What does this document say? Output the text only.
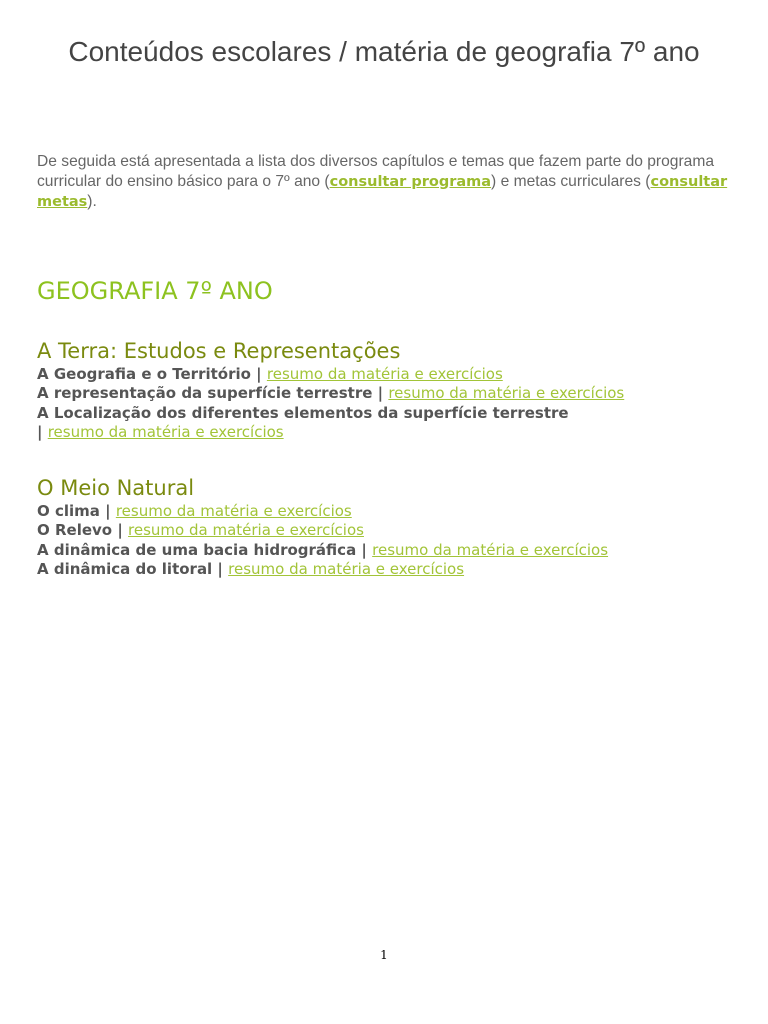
Conteúdos escolares / matéria de geografia 7º ano

De seguida está apresentada a lista dos diversos capítulos e temas que fazem parte do programa curricular do ensino básico para o 7º ano (consultar programa) e metas curriculares (consultar metas).

GEOGRAFIA 7º ANO
A Terra: Estudos e Representações
A Geografia e o Território | resumo da matéria e exercícios
A representação da superfície terrestre | resumo da matéria e exercícios
A Localização dos diferentes elementos da superfície terrestre
| resumo da matéria e exercícios
O Meio Natural
O clima | resumo da matéria e exercícios
O Relevo | resumo da matéria e exercícios
A dinâmica de uma bacia hidrográfica | resumo da matéria e exercícios
A dinâmica do litoral | resumo da matéria e exercícios
1
